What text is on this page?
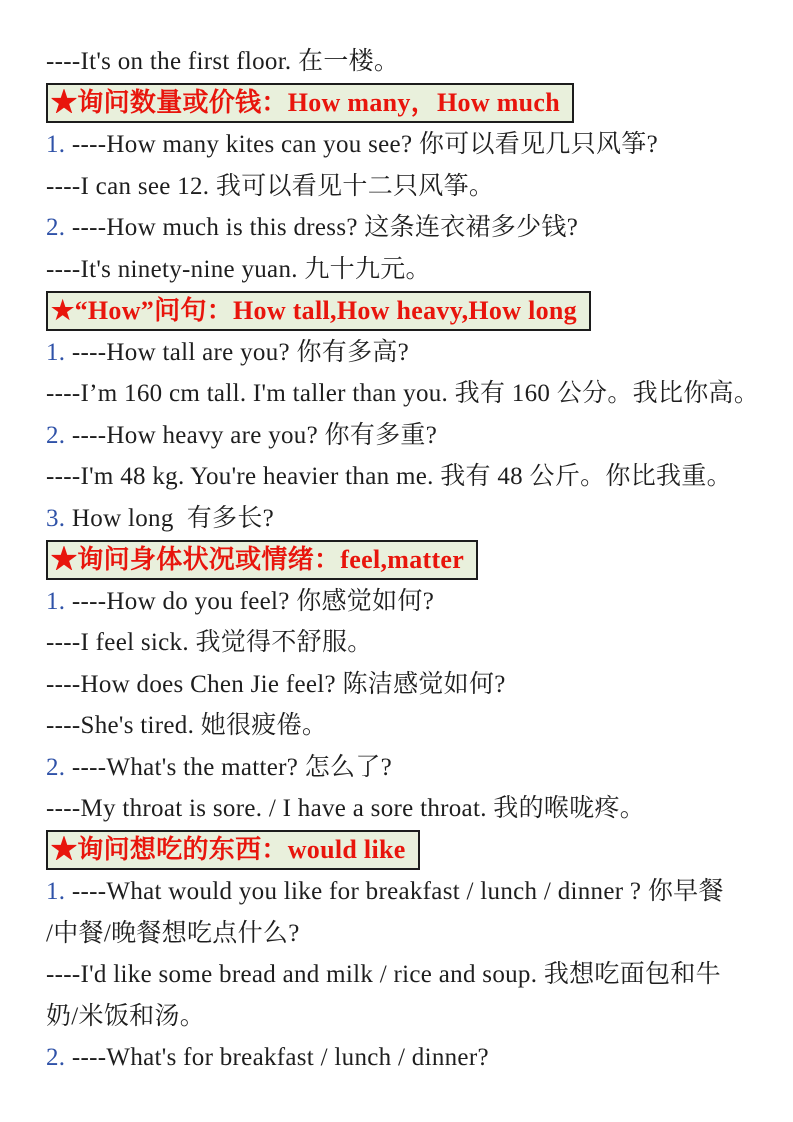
----It's on the first floor. 在一楼。
★询问数量或价钱：How many，How much
1. ----How many kites can you see? 你可以看见几只风筝?
----I can see 12. 我可以看见十二只风筝。
2. ----How much is this dress? 这条连衣裙多少钱?
----It's ninety-nine yuan. 九十九元。
★“How”问句：How tall,How heavy,How long
1. ----How tall are you? 你有多高?
----I’m 160 cm tall. I'm taller than you. 我有 160 公分。我比你高。
2. ----How heavy are you? 你有多重?
----I'm 48 kg. You're heavier than me. 我有 48 公斤。你比我重。
3. How long  有多长?
★询问身体状况或情绪：feel,matter
1. ----How do you feel? 你感觉如何?
----I feel sick. 我觉得不舒服。
----How does Chen Jie feel? 陈洁感觉如何?
----She's tired. 她很疲倦。
2. ----What's the matter? 怎么了?
----My throat is sore. / I have a sore throat. 我的喉咙疼。
★询问想吃的东西：would like
1. ----What would you like for breakfast / lunch / dinner ? 你早餐
/中餐/晚餐想吃点什么?
----I'd like some bread and milk / rice and soup. 我想吃面包和牛
奶/米饭和汤。
2. ----What's for breakfast / lunch / dinner?
